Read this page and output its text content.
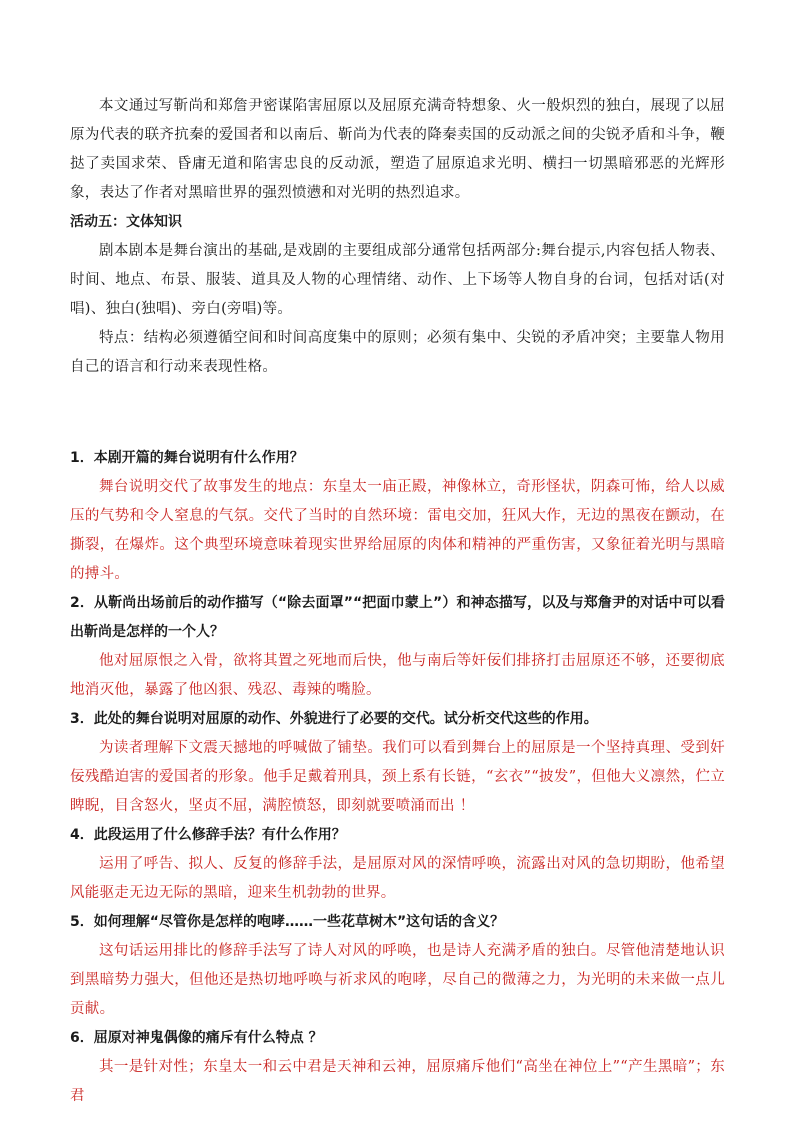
本文通过写靳尚和郑詹尹密谋陷害屈原以及屈原充满奇特想象、火一般炽烈的独白，展现了以屈原为代表的联齐抗秦的爱国者和以南后、靳尚为代表的降秦卖国的反动派之间的尖锐矛盾和斗争，鞭挞了卖国求荣、昏庸无道和陷害忠良的反动派，塑造了屈原追求光明、横扫一切黑暗邪恶的光辉形象，表达了作者对黑暗世界的强烈愤懑和对光明的热烈追求。

活动五：文体知识

剧本剧本是舞台演出的基础,是戏剧的主要组成部分通常包括两部分:舞台提示,内容包括人物表、时间、地点、布景、服装、道具及人物的心理情绪、动作、上下场等人物自身的台词，包括对话(对唱)、独白(独唱)、旁白(旁唱)等。

特点：结构必须遵循空间和时间高度集中的原则；必须有集中、尖锐的矛盾冲突；主要靠人物用自己的语言和行动来表现性格。

1．本剧开篇的舞台说明有什么作用？

舞台说明交代了故事发生的地点：东皇太一庙正殿，神像林立，奇形怪状，阴森可怖，给人以威压的气势和令人窒息的气氛。交代了当时的自然环境：雷电交加，狂风大作，无边的黑夜在颤动，在撕裂，在爆炸。这个典型环境意味着现实世界给屈原的肉体和精神的严重伤害，又象征着光明与黑暗的搏斗。

2．从靳尚出场前后的动作描写（“除去面罩”“把面巾蒙上”）和神态描写，以及与郑詹尹的对话中可以看出靳尚是怎样的一个人？

他对屈原恨之入骨，欲将其置之死地而后快，他与南后等奸佞们排挤打击屈原还不够，还要彻底地消灭他，暴露了他凶狠、残忍、毒辣的嘴脸。

3．此处的舞台说明对屈原的动作、外貌进行了必要的交代。试分析交代这些的作用。

为读者理解下文震天撼地的呼喊做了铺垫。我们可以看到舞台上的屈原是一个坚持真理、受到奸佞残酷迫害的爱国者的形象。他手足戴着刑具，颈上系有长链，“玄衣”“披发”，但他大义凛然，伫立睥睨，目含怒火，坚贞不屈，满腔愤怒，即刻就要喷涌而出 ！

4．此段运用了什么修辞手法？有什么作用？

运用了呼告、拟人、反复的修辞手法，是屈原对风的深情呼唤，流露出对风的急切期盼，他希望风能驱走无边无际的黑暗，迎来生机勃勃的世界。

5．如何理解“尽管你是怎样的咆哮……一些花草树木”这句话的含义？

这句话运用排比的修辞手法写了诗人对风的呼唤，也是诗人充满矛盾的独白。尽管他清楚地认识到黑暗势力强大，但他还是热切地呼唤与祈求风的咆哮，尽自己的微薄之力，为光明的未来做一点儿贡献。

6．屈原对神鬼偶像的痛斥有什么特点 ？

其一是针对性；东皇太一和云中君是天神和云神，屈原痛斥他们“高坐在神位上”“产生黑暗”；东君
